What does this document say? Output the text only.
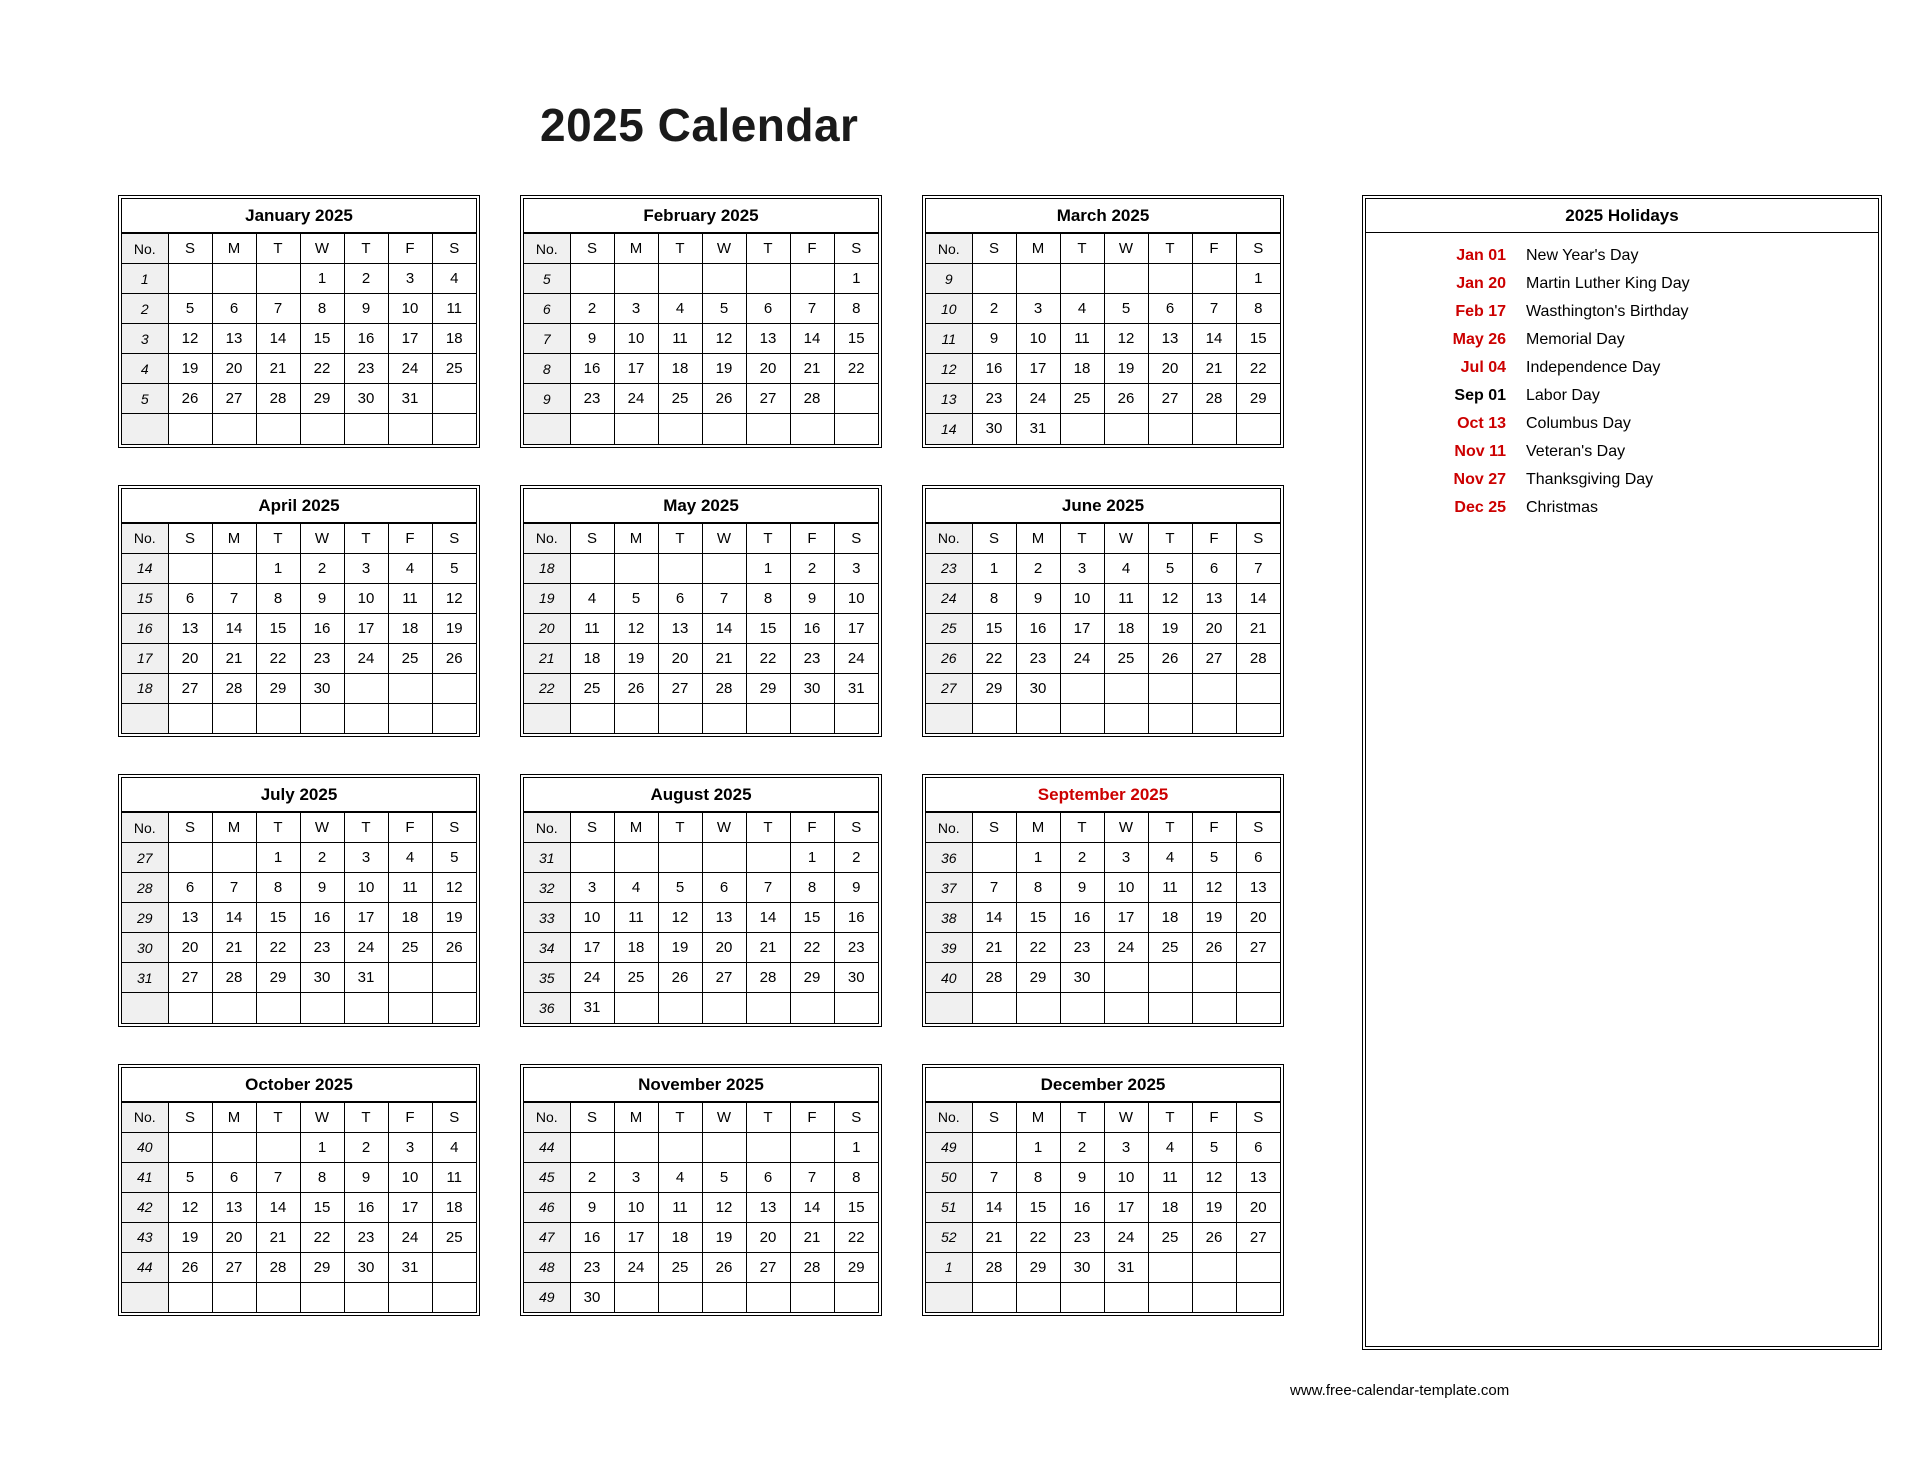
2025 Calendar
January 2025
No.	S	M	T	W	T	F	S
1				1	2	3	4
2	5	6	7	8	9	10	11
3	12	13	14	15	16	17	18
4	19	20	21	22	23	24	25
5	26	27	28	29	30	31	

February 2025
No.	S	M	T	W	T	F	S
5							1
6	2	3	4	5	6	7	8
7	9	10	11	12	13	14	15
8	16	17	18	19	20	21	22
9	23	24	25	26	27	28	

March 2025
No.	S	M	T	W	T	F	S
9							1
10	2	3	4	5	6	7	8
11	9	10	11	12	13	14	15
12	16	17	18	19	20	21	22
13	23	24	25	26	27	28	29
14	30	31					
April 2025
No.	S	M	T	W	T	F	S
14			1	2	3	4	5
15	6	7	8	9	10	11	12
16	13	14	15	16	17	18	19
17	20	21	22	23	24	25	26
18	27	28	29	30			

May 2025
No.	S	M	T	W	T	F	S
18					1	2	3
19	4	5	6	7	8	9	10
20	11	12	13	14	15	16	17
21	18	19	20	21	22	23	24
22	25	26	27	28	29	30	31

June 2025
No.	S	M	T	W	T	F	S
23	1	2	3	4	5	6	7
24	8	9	10	11	12	13	14
25	15	16	17	18	19	20	21
26	22	23	24	25	26	27	28
27	29	30					

July 2025
No.	S	M	T	W	T	F	S
27			1	2	3	4	5
28	6	7	8	9	10	11	12
29	13	14	15	16	17	18	19
30	20	21	22	23	24	25	26
31	27	28	29	30	31		

August 2025
No.	S	M	T	W	T	F	S
31						1	2
32	3	4	5	6	7	8	9
33	10	11	12	13	14	15	16
34	17	18	19	20	21	22	23
35	24	25	26	27	28	29	30
36	31						
September 2025
No.	S	M	T	W	T	F	S
36		1	2	3	4	5	6
37	7	8	9	10	11	12	13
38	14	15	16	17	18	19	20
39	21	22	23	24	25	26	27
40	28	29	30				

October 2025
No.	S	M	T	W	T	F	S
40				1	2	3	4
41	5	6	7	8	9	10	11
42	12	13	14	15	16	17	18
43	19	20	21	22	23	24	25
44	26	27	28	29	30	31	

November 2025
No.	S	M	T	W	T	F	S
44							1
45	2	3	4	5	6	7	8
46	9	10	11	12	13	14	15
47	16	17	18	19	20	21	22
48	23	24	25	26	27	28	29
49	30						
December 2025
No.	S	M	T	W	T	F	S
49		1	2	3	4	5	6
50	7	8	9	10	11	12	13
51	14	15	16	17	18	19	20
52	21	22	23	24	25	26	27
1	28	29	30	31			

2025 Holidays
Jan 01	New Year's Day
Jan 20	Martin Luther King Day
Feb 17	Wasthington's Birthday
May 26	Memorial Day
Jul 04	Independence Day
Sep 01	Labor Day
Oct 13	Columbus Day
Nov 11	Veteran's Day
Nov 27	Thanksgiving Day
Dec 25	Christmas
www.free-calendar-template.com
